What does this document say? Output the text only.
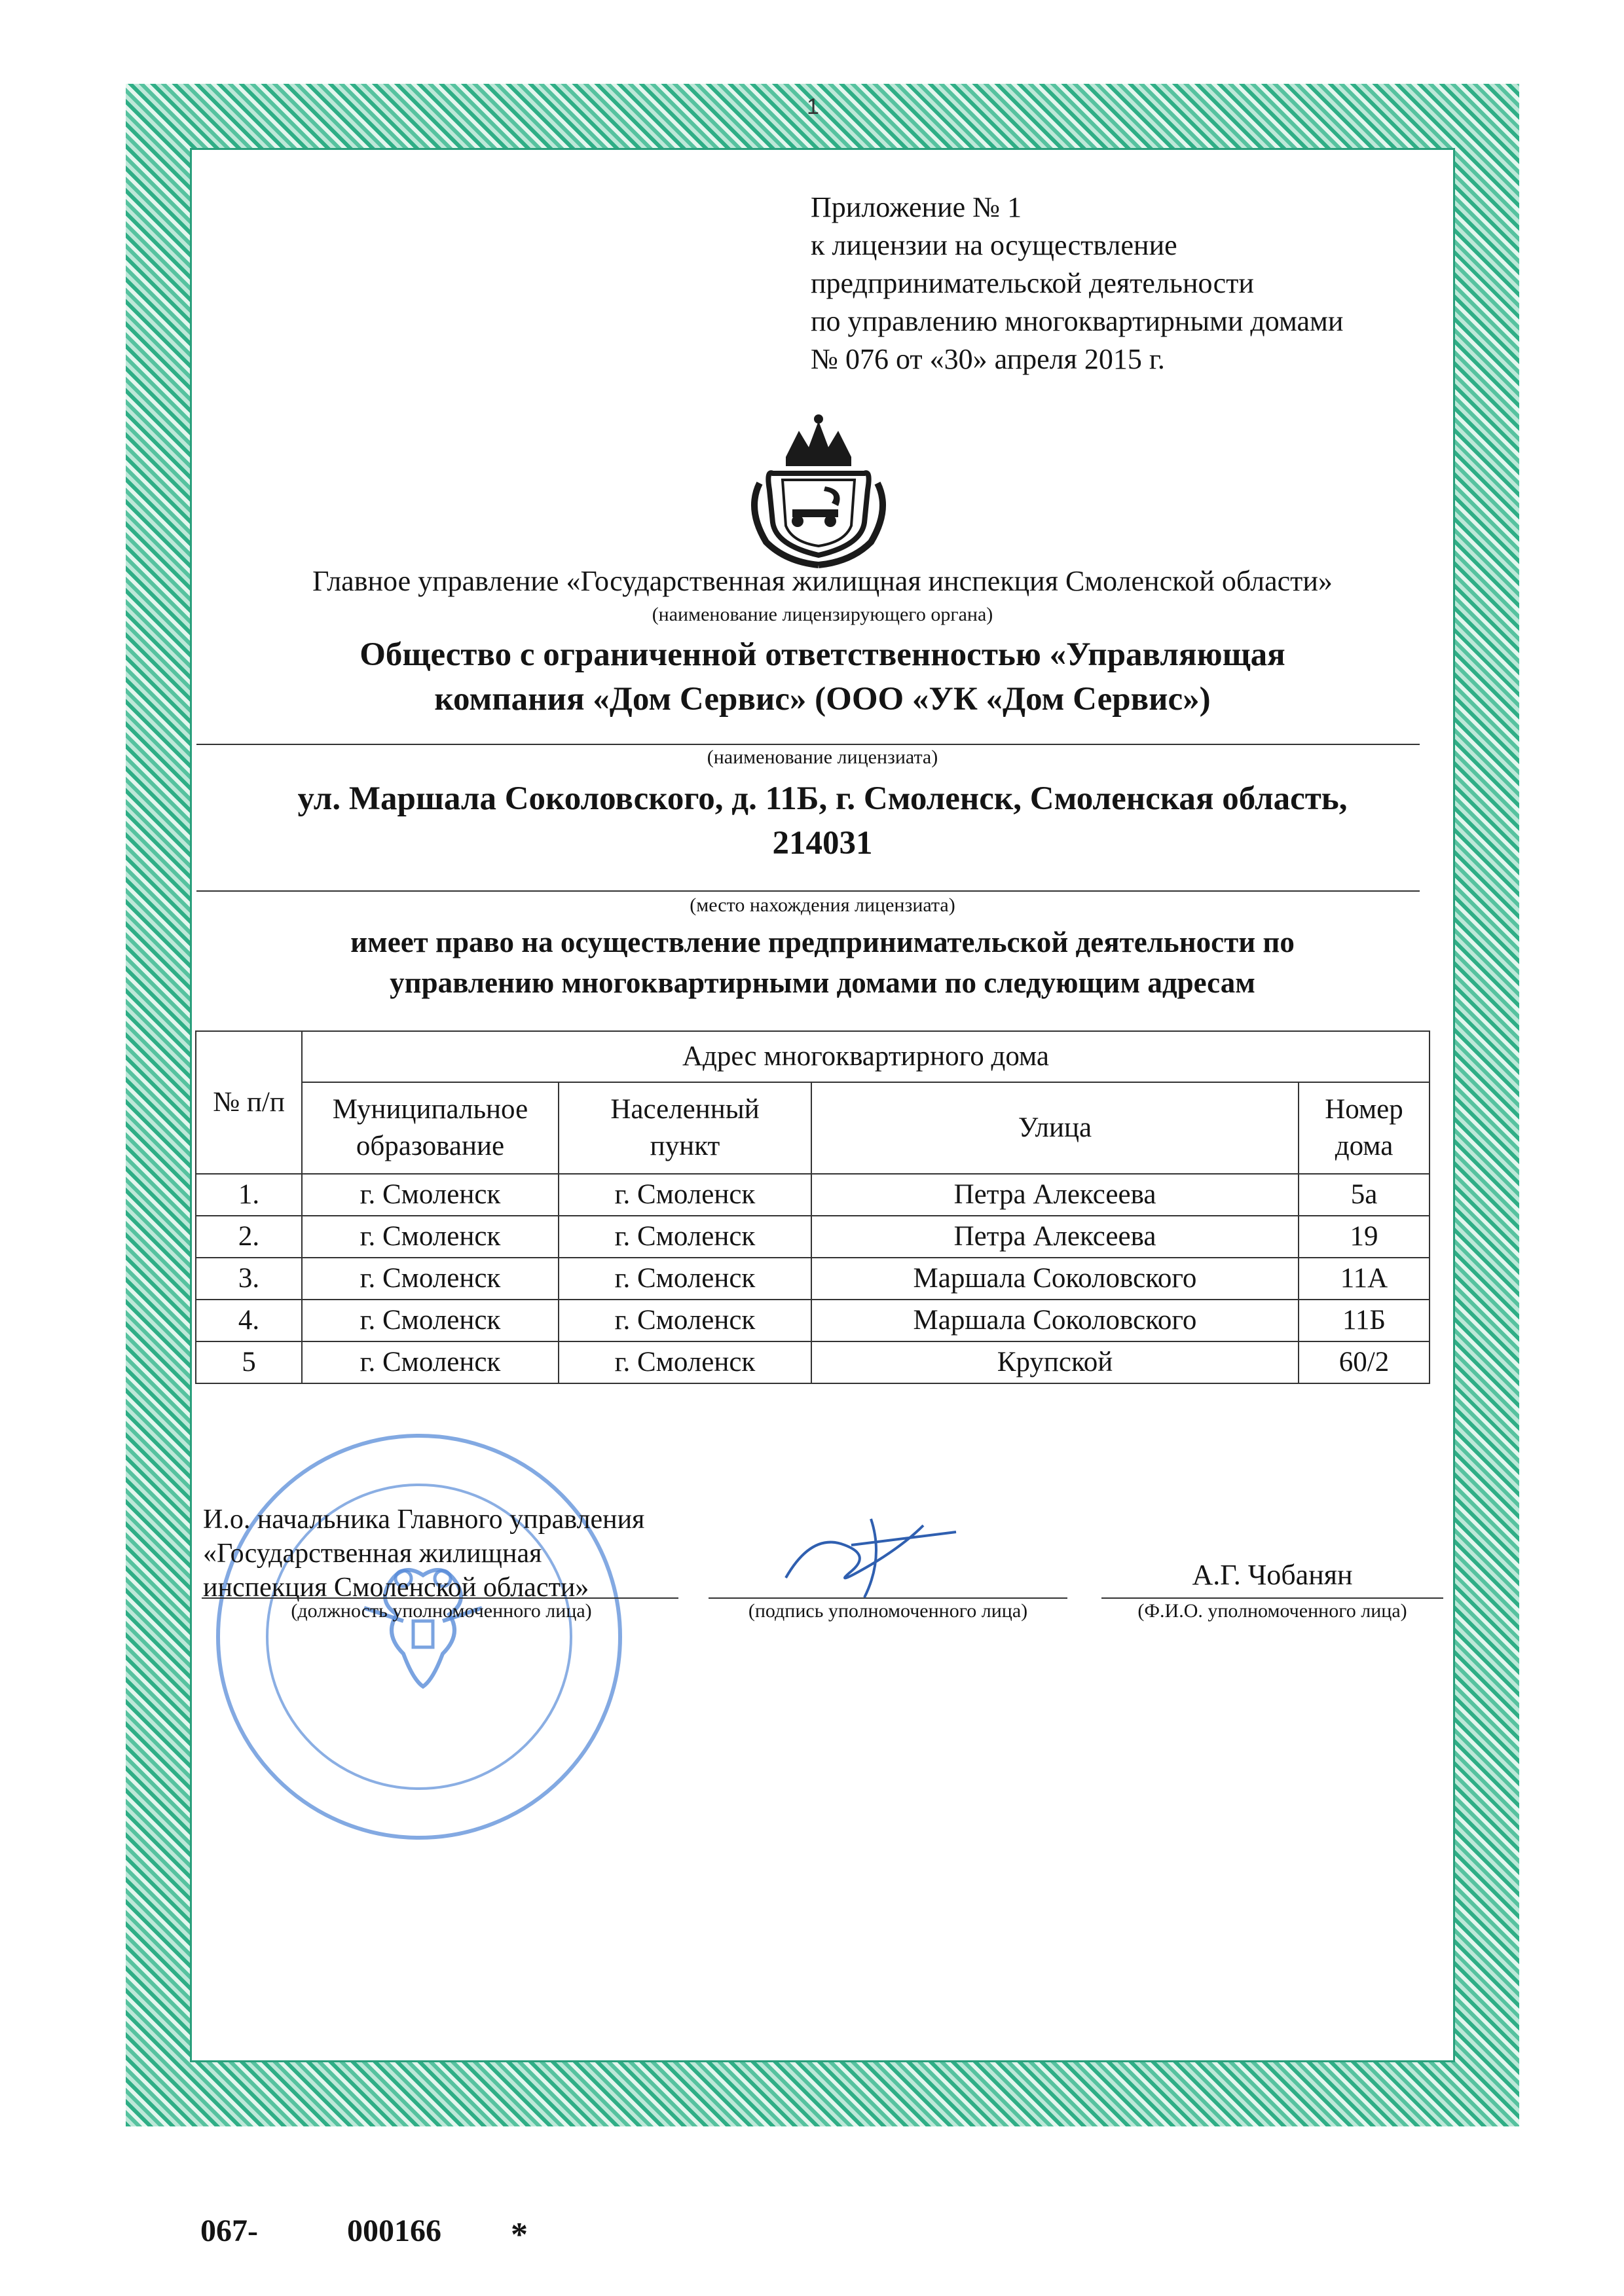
1
Приложение № 1
к лицензии на осуществление
предпринимательской деятельности
по управлению многоквартирными домами
№ 076 от «30» апреля 2015 г.
Главное управление «Государственная жилищная инспекция Смоленской области»
(наименование лицензирующего органа)
Общество с ограниченной ответственностью «Управляющая
компания «Дом Сервис» (ООО «УК «Дом Сервис»)
(наименование лицензиата)
ул. Маршала Соколовского, д. 11Б, г. Смоленск, Смоленская область,
214031
(место нахождения лицензиата)
имеет право на осуществление предпринимательской деятельности по
управлению многоквартирными домами по следующим адресам
№ п/п	Адрес многоквартирного дома			
	Муниципальное
образование	Населенный
пункт	Улица	Номер
дома
1.	г. Смоленск	г. Смоленск	Петра Алексеева	5а
2.	г. Смоленск	г. Смоленск	Петра Алексеева	19
3.	г. Смоленск	г. Смоленск	Маршала Соколовского	11А
4.	г. Смоленск	г. Смоленск	Маршала Соколовского	11Б
5	г. Смоленск	г. Смоленск	Крупской	60/2
И.о. начальника Главного управления
«Государственная жилищная
инспекция Смоленской области»	А.Г. Чобанян
(должность уполномоченного лица)	(подпись уполномоченного лица)	(Ф.И.О. уполномоченного лица)
067-	000166 *
